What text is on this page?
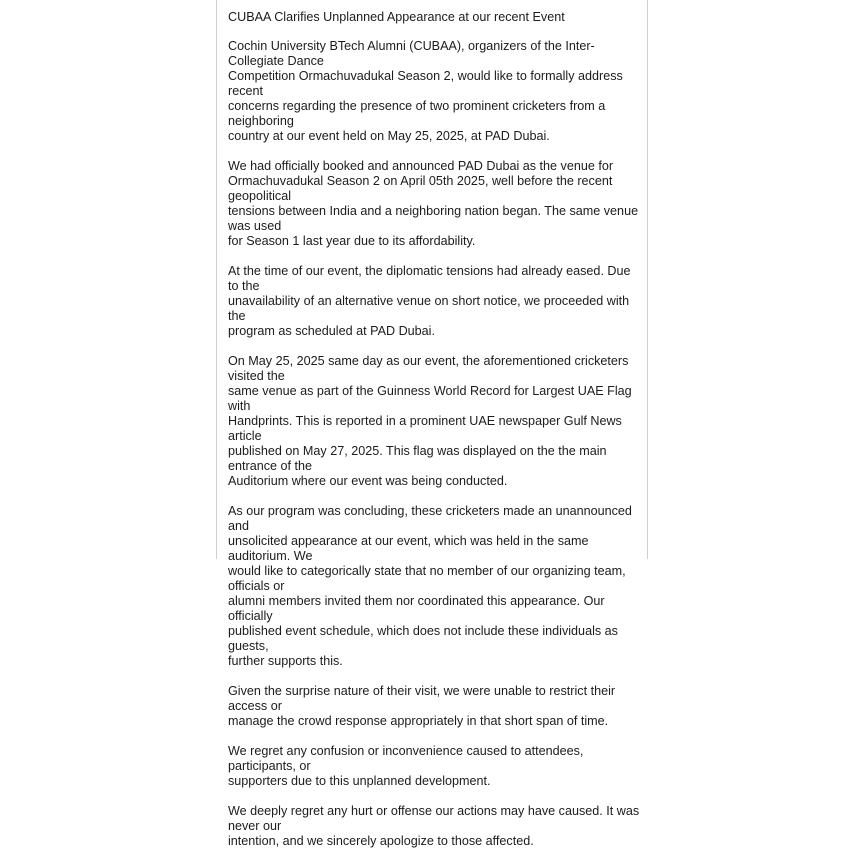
CUBAA Clarifies Unplanned Appearance at our recent Event

Cochin University BTech Alumni (CUBAA), organizers of the Inter-Collegiate Dance
Competition Ormachuvadukal Season 2, would like to formally address recent
concerns regarding the presence of two prominent cricketers from a neighboring
country at our event held on May 25, 2025, at PAD Dubai.

We had officially booked and announced PAD Dubai as the venue for
Ormachuvadukal Season 2 on April 05th 2025, well before the recent geopolitical
tensions between India and a neighboring nation began. The same venue was used
for Season 1 last year due to its affordability.

At the time of our event, the diplomatic tensions had already eased. Due to the
unavailability of an alternative venue on short notice, we proceeded with the
program as scheduled at PAD Dubai.

On May 25, 2025 same day as our event, the aforementioned cricketers visited the
same venue as part of the Guinness World Record for Largest UAE Flag with
Handprints. This is reported in a prominent UAE newspaper Gulf News article
published on May 27, 2025. This flag was displayed on the the main entrance of the
Auditorium where our event was being conducted.

As our program was concluding, these cricketers made an unannounced and
unsolicited appearance at our event, which was held in the same auditorium. We
would like to categorically state that no member of our organizing team, officials or
alumni members invited them nor coordinated this appearance. Our officially
published event schedule, which does not include these individuals as guests,
further supports this.

Given the surprise nature of their visit, we were unable to restrict their access or
manage the crowd response appropriately in that short span of time.

We regret any confusion or inconvenience caused to attendees, participants, or
supporters due to this unplanned development.

We deeply regret any hurt or offense our actions may have caused. It was never our
intention, and we sincerely apologize to those affected.
